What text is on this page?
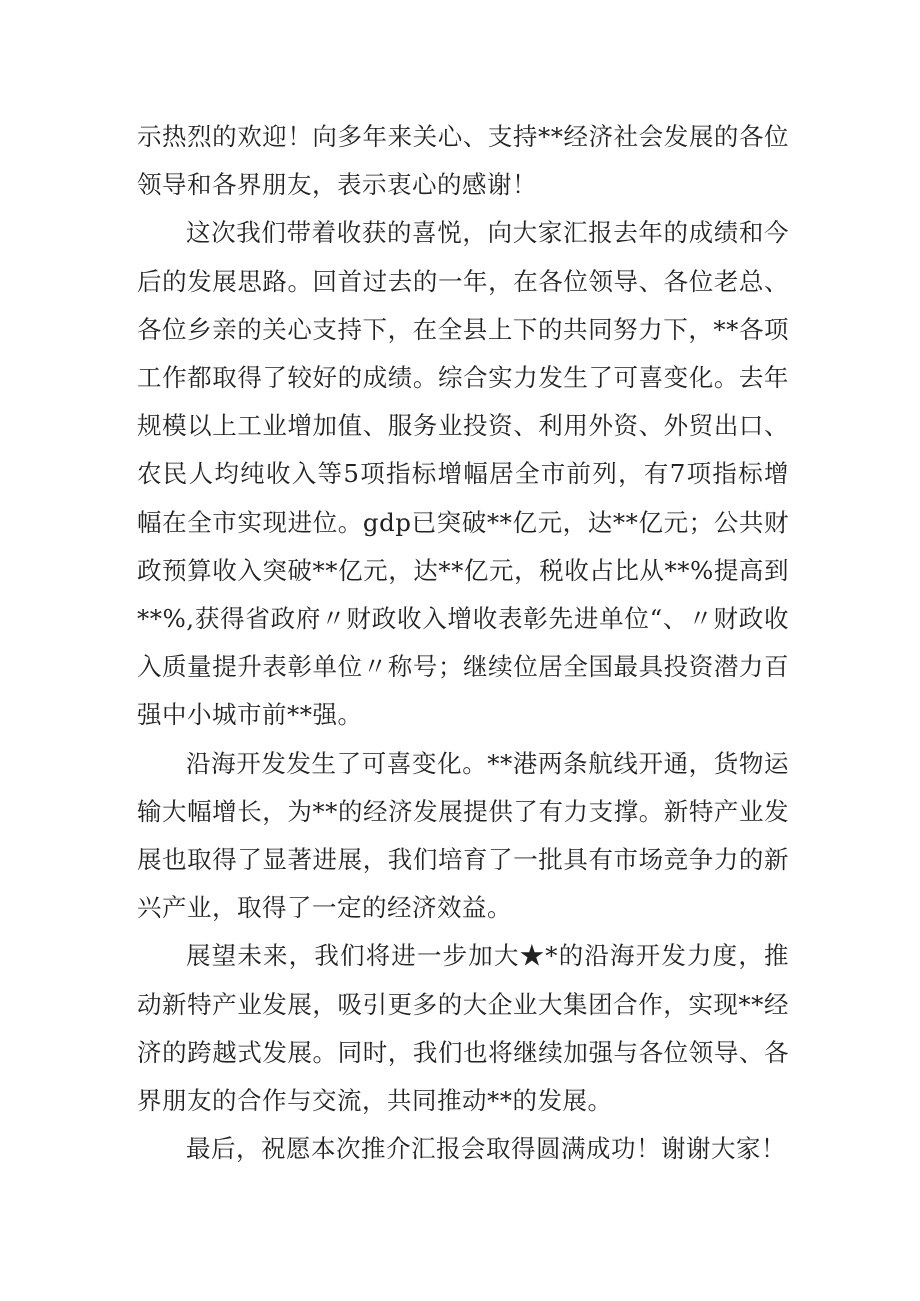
示热烈的欢迎！向多年来关心、支持**经济社会发展的各位领导和各界朋友，表示衷心的感谢！

这次我们带着收获的喜悦，向大家汇报去年的成绩和今后的发展思路。回首过去的一年，在各位领导、各位老总、各位乡亲的关心支持下，在全县上下的共同努力下，**各项工作都取得了较好的成绩。综合实力发生了可喜变化。去年规模以上工业增加值、服务业投资、利用外资、外贸出口、农民人均纯收入等5项指标增幅居全市前列，有7项指标增幅在全市实现进位。gdp已突破**亿元，达**亿元；公共财政预算收入突破**亿元，达**亿元，税收占比从**%提高到**%,获得省政府〃财政收入增收表彰先进单位“、〃财政收入质量提升表彰单位〃称号；继续位居全国最具投资潜力百强中小城市前**强。

沿海开发发生了可喜变化。**港两条航线开通，货物运输大幅增长，为**的经济发展提供了有力支撑。新特产业发展也取得了显著进展，我们培育了一批具有市场竞争力的新兴产业，取得了一定的经济效益。

展望未来，我们将进一步加大★*的沿海开发力度，推动新特产业发展，吸引更多的大企业大集团合作，实现**经济的跨越式发展。同时，我们也将继续加强与各位领导、各界朋友的合作与交流，共同推动**的发展。

最后，祝愿本次推介汇报会取得圆满成功！谢谢大家！
